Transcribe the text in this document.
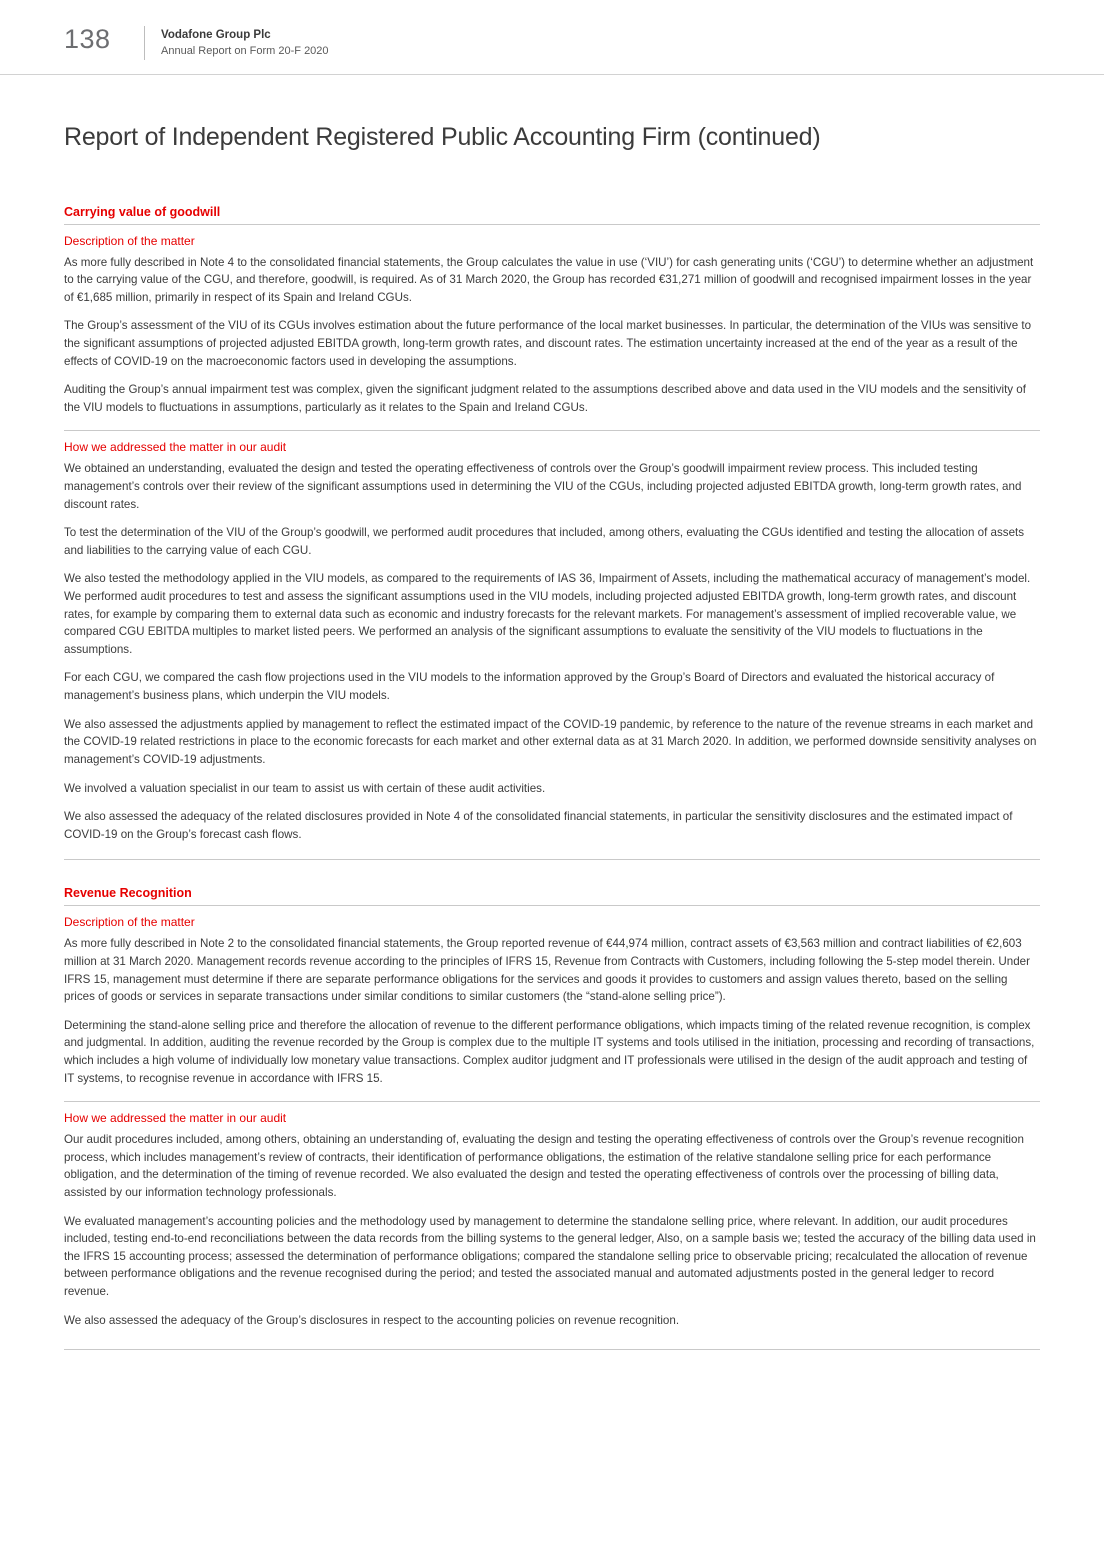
138	Vodafone Group Plc
Annual Report on Form 20-F 2020
Report of Independent Registered Public Accounting Firm (continued)
Carrying value of goodwill
Description of the matter

As more fully described in Note 4 to the consolidated financial statements, the Group calculates the value in use (‘VIU’) for cash generating units (‘CGU’) to determine whether an adjustment to the carrying value of the CGU, and therefore, goodwill, is required. As of 31 March 2020, the Group has recorded €31,271 million of goodwill and recognised impairment losses in the year of €1,685 million, primarily in respect of its Spain and Ireland CGUs.

The Group’s assessment of the VIU of its CGUs involves estimation about the future performance of the local market businesses. In particular, the determination of the VIUs was sensitive to the significant assumptions of projected adjusted EBITDA growth, long-term growth rates, and discount rates. The estimation uncertainty increased at the end of the year as a result of the effects of COVID-19 on the macroeconomic factors used in developing the assumptions.

Auditing the Group’s annual impairment test was complex, given the significant judgment related to the assumptions described above and data used in the VIU models and the sensitivity of the VIU models to fluctuations in assumptions, particularly as it relates to the Spain and Ireland CGUs.

How we addressed the matter in our audit

We obtained an understanding, evaluated the design and tested the operating effectiveness of controls over the Group’s goodwill impairment review process. This included testing management’s controls over their review of the significant assumptions used in determining the VIU of the CGUs, including projected adjusted EBITDA growth, long-term growth rates, and discount rates.

To test the determination of the VIU of the Group’s goodwill, we performed audit procedures that included, among others, evaluating the CGUs identified and testing the allocation of assets and liabilities to the carrying value of each CGU.

We also tested the methodology applied in the VIU models, as compared to the requirements of IAS 36, Impairment of Assets, including the mathematical accuracy of management’s model. We performed audit procedures to test and assess the significant assumptions used in the VIU models, including projected adjusted EBITDA growth, long-term growth rates, and discount rates, for example by comparing them to external data such as economic and industry forecasts for the relevant markets. For management’s assessment of implied recoverable value, we compared CGU EBITDA multiples to market listed peers. We performed an analysis of the significant assumptions to evaluate the sensitivity of the VIU models to fluctuations in the assumptions.

For each CGU, we compared the cash flow projections used in the VIU models to the information approved by the Group’s Board of Directors and evaluated the historical accuracy of management’s business plans, which underpin the VIU models.

We also assessed the adjustments applied by management to reflect the estimated impact of the COVID-19 pandemic, by reference to the nature of the revenue streams in each market and the COVID-19 related restrictions in place to the economic forecasts for each market and other external data as at 31 March 2020. In addition, we performed downside sensitivity analyses on management’s COVID-19 adjustments.

We involved a valuation specialist in our team to assist us with certain of these audit activities.

We also assessed the adequacy of the related disclosures provided in Note 4 of the consolidated financial statements, in particular the sensitivity disclosures and the estimated impact of COVID-19 on the Group’s forecast cash flows.

Revenue Recognition
Description of the matter

As more fully described in Note 2 to the consolidated financial statements, the Group reported revenue of €44,974 million, contract assets of €3,563 million and contract liabilities of €2,603 million at 31 March 2020. Management records revenue according to the principles of IFRS 15, Revenue from Contracts with Customers, including following the 5-step model therein. Under IFRS 15, management must determine if there are separate performance obligations for the services and goods it provides to customers and assign values thereto, based on the selling prices of goods or services in separate transactions under similar conditions to similar customers (the “stand-alone selling price”).

Determining the stand-alone selling price and therefore the allocation of revenue to the different performance obligations, which impacts timing of the related revenue recognition, is complex and judgmental. In addition, auditing the revenue recorded by the Group is complex due to the multiple IT systems and tools utilised in the initiation, processing and recording of transactions, which includes a high volume of individually low monetary value transactions. Complex auditor judgment and IT professionals were utilised in the design of the audit approach and testing of IT systems, to recognise revenue in accordance with IFRS 15.

How we addressed the matter in our audit

Our audit procedures included, among others, obtaining an understanding of, evaluating the design and testing the operating effectiveness of controls over the Group’s revenue recognition process, which includes management’s review of contracts, their identification of performance obligations, the estimation of the relative standalone selling price for each performance obligation, and the determination of the timing of revenue recorded. We also evaluated the design and tested the operating effectiveness of controls over the processing of billing data, assisted by our information technology professionals.

We evaluated management’s accounting policies and the methodology used by management to determine the standalone selling price, where relevant. In addition, our audit procedures included, testing end-to-end reconciliations between the data records from the billing systems to the general ledger, Also, on a sample basis we; tested the accuracy of the billing data used in the IFRS 15 accounting process; assessed the determination of performance obligations; compared the standalone selling price to observable pricing; recalculated the allocation of revenue between performance obligations and the revenue recognised during the period; and tested the associated manual and automated adjustments posted in the general ledger to record revenue.

We also assessed the adequacy of the Group’s disclosures in respect to the accounting policies on revenue recognition.
